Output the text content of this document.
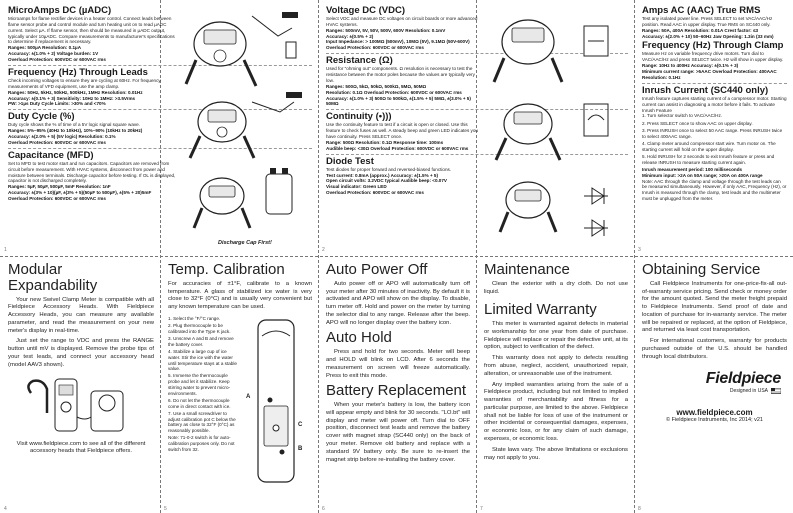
MicroAmps DC (µADC)
Microamps for flame rectifier devices in a heater control. Connect leads between flame sensor probe and control module and turn heating unit on to read µADC current. Select µA. If flame sensor, then should be measured in µADC output, typically under 10µADC. Compare measurements to manufacturer's specifications to determine if replacement is necessary.
Ranges: 500µA Resolution: 0.1µA
Accuracy: ±(1.0% + 2) Voltage burden: 1V
Overload Protection: 600VDC or 600VAC rms
Frequency (Hz) Through Leads
Check incoming voltages to ensure they are cycling at 60Hz. For frequency measurements of VFD equipment, use the amp clamp.
Ranges: 50Hz, 5kHz, 50kHz, 500kHz, 1MHz Resolution: 0.01Hz
Accuracy: ±(0.1% + 3) Sensitivity: 10Hz to 1MHz: >3.5Vrms
PW: >1µs Duty Cycle Limits: >30% and <70%
Duty Cycle (%)
Duty cycle shows the % of time of a 5V logic signal square wave.
Ranges: 5%–95% (40Hz to 10kHz), 10%–90% (10kHz to 20kHz)
Accuracy: ±(2.0% + 5) (5V logic) Resolution: 0.1%
Overload Protection: 600VDC or 600VAC rms
Capacitance (MFD)
Set to MFD to test motor start and run capacitors. Capacitors are removed from circuit before measurement. With HVAC systems, disconnect from power and moisture between terminals. Discharge capacitor before testing. If OL is displayed, capacitor is not discharged completely.
Ranges: 5µF, 50µF, 500µF, 5mF Resolution: 1nF
Accuracy: ±(3% + 10)(µF, ±(3% + 5)(50µF to 500µF), ±(5% + 20)5mF
Overload Protection: 600VDC or 600VAC rms
Discharge Cap First!
1
Voltage DC (VDC)
Select VDC and measure DC voltages on circuit boards or more advanced HVAC systems.
Ranges: 500mV, 5V, 50V, 500V, 600V Resolution: 0.1mV
Accuracy: ±(0.5% + 2)
Input Impedance: > 100MΩ (500mV), 10MΩ (5V), 9.1MΩ (50V-600V)
Overload Protection: 600VDC or 600VAC rms
Resistance (Ω)
Used for "ohming out" components. Ω resolution is necessary to test the resistance between the motor poles because the values are typically very low.
Ranges: 500Ω, 5kΩ, 50kΩ, 500kΩ, 5MΩ, 50MΩ
Resolution: 0.1Ω Overload Protection: 600VDC or 600VAC rms
Accuracy: ±(1.0% + 3) 500Ω to 500kΩ, ±(1.5% + 5) 5MΩ, ±(3.0% + 5) 50MΩ
Continuity (•)))
Use the continuity feature to test if a circuit is open or closed. Use this feature to check fuses as well. A steady beep and green LED indicates you have continuity. Press SELECT once.
Range: 500Ω Resolution: 0.1Ω Response time: 100ms
Audible beep: <30Ω Overload Protection: 600VDC or 600VAC rms
Diode Test
Test diodes for proper forward and reversed-biased functions.
Test current: 0.8mA (approx.) Accuracy: ±(1.5% + 5)
Open circuit volts: 3.2VDC typical Audible beep: <0.07V
Visual indicator: Green LED
Overload Protection: 600VDC or 600VAC rms
2
Amps AC (AAC) True RMS
Test any isolated power line. Press SELECT to set VAC/AAC/Hz position. Read AAC in upper display. True RMS on SC440 only.
Ranges: 50A, 400A Resolution: 0.01A Crest factor: ≤3
Accuracy: ±(2.0% + 10) 50–60Hz Jaw Opening: 1.3in (33 mm)
Frequency (Hz) Through Clamp
Measure Hz on variable frequency drive motors. Turn dial to VAC/AAC/Hz and press SELECT twice. Hz will show in upper display.
Range: 10Hz to 400Hz Accuracy: ±(0.1% + 3)
Minimum current range: >5AAC Overload Protection: 400AAC
Resolution: 0.1Hz
Inrush Current (SC440 only)
Inrush feature captures starting current of a compressor motor. Starting current can assist in diagnosing a motor before it fails. To activate Inrush Feature
1. Turn selector switch to VAC/AAC/Hz.
2. Press SELECT once to show AAC on upper display.
3. Press INRUSH once to select 50 AAC range. Press INRUSH twice to select 400AAC range.
4. Clamp meter around compressor start wire. Turn motor on. The starting current will hold on the upper display.
5. Hold INRUSH for 2 seconds to exit Inrush feature or press and release INRUSH to measure starting current again.
Inrush measurement period: 100 milliseconds
Minimum input: >2A on 50A range; >20A on 400A range
Note: AAC through the clamp and voltage through the test leads can be measured simultaneously. However, if only AAC, Frequency (Hz), or Inrush is measured through the clamp, test leads and the multimeter must be unplugged from the meter.
3
Modular Expandability

Your new Swivel Clamp Meter is compatible with all Fieldpiece Accessory Heads. With Fieldpiece Accessory Heads, you can measure any available parameter, and read the measurement on your new meter's display in real-time.

Just set the range to VDC and press the RANGE button until mV is displayed. Remove the probe tips of your test leads, and connect your accessory head (model AAV3 shown).

Visit www.fieldpiece.com to see all of the different accessory heads that Fieldpiece offers.
4
Temp. Calibration
For accuracies of ±1°F, calibrate to a known temperature. A glass of stabilized ice water is very close to 32°F (0°C) and is usually very convenient but any known temperature can be used.
1. Select the °F/°C range.
2. Plug thermocouple to be calibrated into the Type K jack.
3. Unscrew A and B and remove the battery cover.
4. Stabilize a large cup of ice water. Stir the ice with the water until temperature stays at a stable value.
5. Immerse the thermocouple probe and let it stabilize. Keep stirring water to prevent micro-environments.
6. Do not let the thermocouple come in direct contact with ice.
7. Use a small screwdriver to adjust calibration pot C below the battery as close to 32°F (0°C) as reasonably possible.
Note: 71-0-2 switch is for auto-calibration purposes only. Do not switch from 32.
A
B
C
5
Auto Power Off

Auto power off or APO will automatically turn off your meter after 30 minutes of inactivity. By default it is activated and APO will show on the display. To disable, turn meter off. Hold and power on the meter by turning the selector dial to any range. Release after the beep. APO will no longer display over the battery icon.

Auto Hold

Press and hold for two seconds. Meter will beep and HOLD will blink on LCD. After 6 seconds the measurement on screen will freeze automatically. Press to exit this mode.

Battery Replacement

When your meter's battery is low, the battery icon will appear empty and blink for 30 seconds. "LO.bt" will display and meter will power off. Turn dial to OFF position, disconnect test leads and remove the battery cover with magnet strap (SC440 only) on the back of your meter. Remove old battery and replace with a standard 9V battery only. Be sure to re-insert the magnet strip before re-installing the battery cover.

6
Maintenance

Clean the exterior with a dry cloth. Do not use liquid.

Limited Warranty

This meter is warranted against defects in material or workmanship for one year from date of purchase. Fieldpiece will replace or repair the defective unit, at its option, subject to verification of the defect.

This warranty does not apply to defects resulting from abuse, neglect, accident, unauthorized repair, alteration, or unreasonable use of the instrument.

Any implied warranties arising from the sale of a Fieldpiece product, including but not limited to implied warranties of merchantability and fitness for a particular purpose, are limited to the above. Fieldpiece shall not be liable for loss of use of the instrument or other incidental or consequential damages, expenses, or economic loss, or for any claim of such damage, expenses, or economic loss.

State laws vary. The above limitations or exclusions may not apply to you.

7
Obtaining Service

Call Fieldpiece Instruments for one-price-fix-all out-of-warranty service pricing. Send check or money order for the amount quoted. Send the meter freight prepaid to Fieldpiece Instruments. Send proof of date and location of purchase for in-warranty service. The meter will be repaired or replaced, at the option of Fieldpiece, and returned via least cost transportation.

For international customers, warranty for products purchased outside of the U.S. should be handled through local distributors.

Fieldpiece
Designed in USA
www.fieldpiece.com
© Fieldpiece Instruments, Inc 2014; v21
8
